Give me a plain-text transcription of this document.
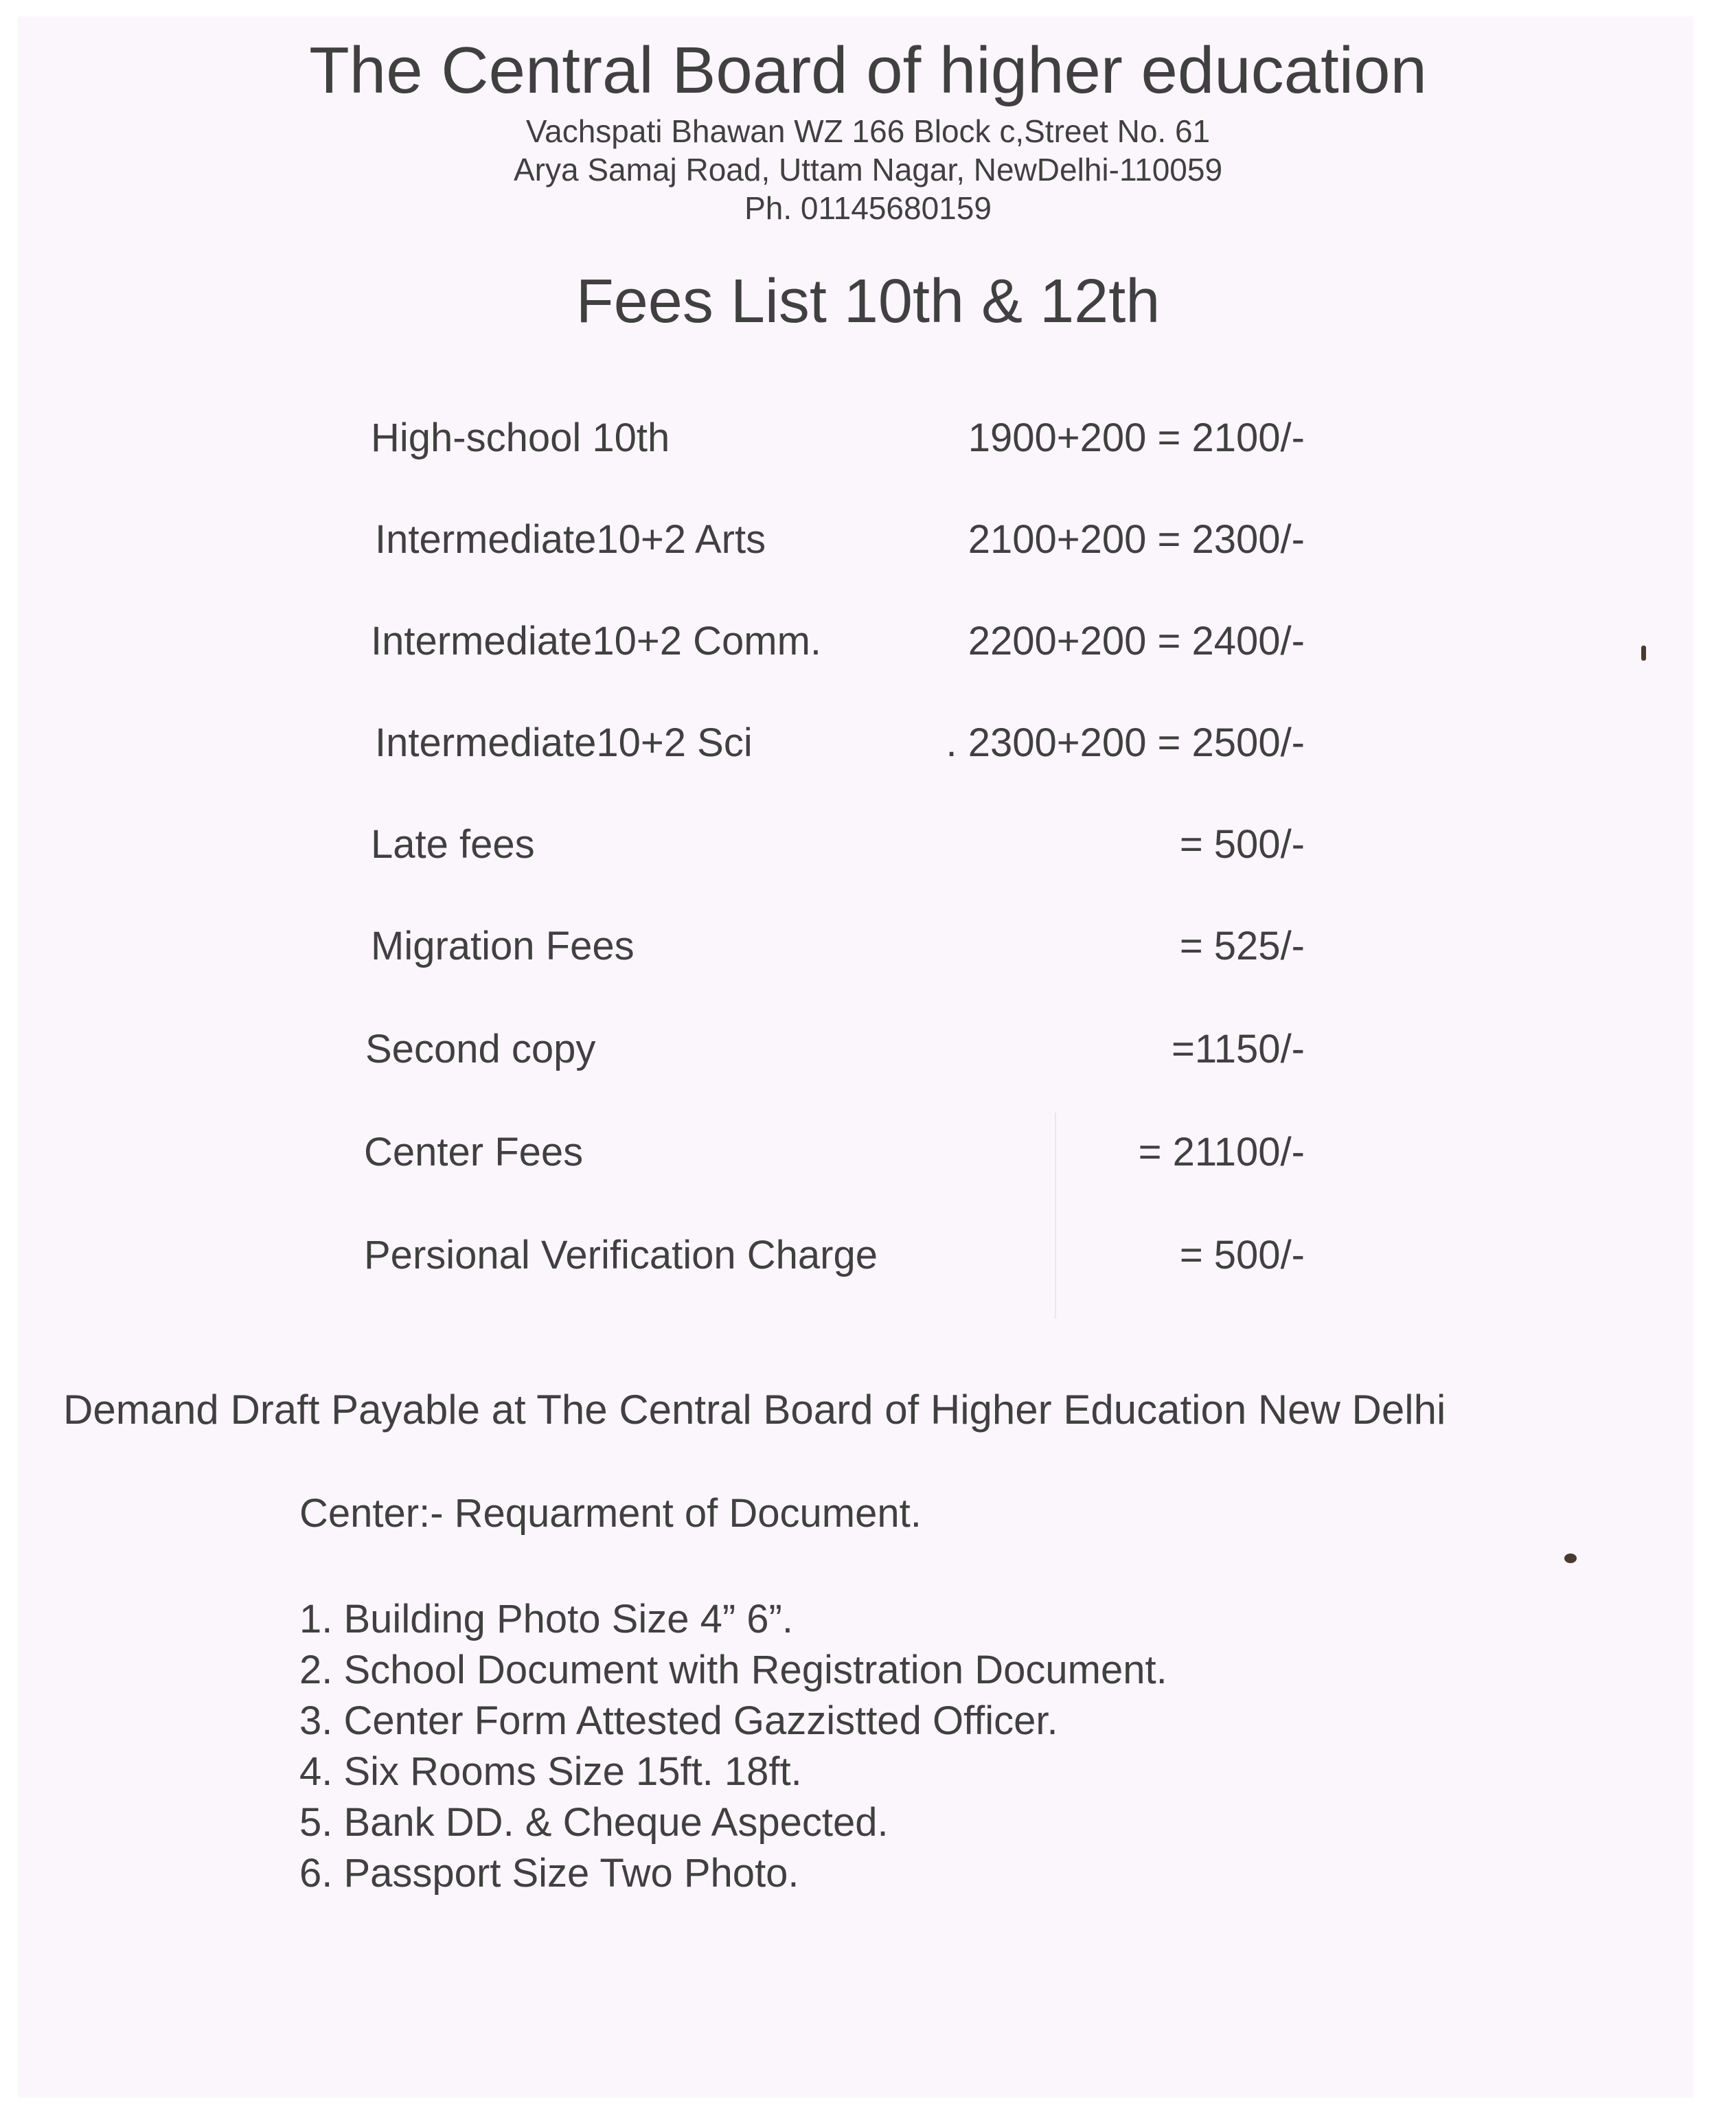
The Central Board of higher education
Vachspati Bhawan WZ 166 Block c,Street No. 61
Arya Samaj Road, Uttam Nagar, NewDelhi-110059
Ph. 01145680159
Fees List 10th & 12th
High-school 10th	1900+200 = 2100/-
Intermediate10+2 Arts	2100+200 = 2300/-
Intermediate10+2 Comm.	2200+200 = 2400/-
Intermediate10+2 Sci	. 2300+200 = 2500/-
Late fees	= 500/-
Migration Fees	= 525/-
Second copy	=1150/-
Center Fees	= 21100/-
Persional Verification Charge	= 500/-
Demand Draft Payable at The Central Board of Higher Education New Delhi
Center:- Requarment of Document.
1. Building Photo Size 4” 6”.
2. School Document with Registration Document.
3. Center Form Attested Gazzistted Officer.
4. Six Rooms Size 15ft. 18ft.
5. Bank DD. & Cheque Aspected.
6. Passport Size Two Photo.
